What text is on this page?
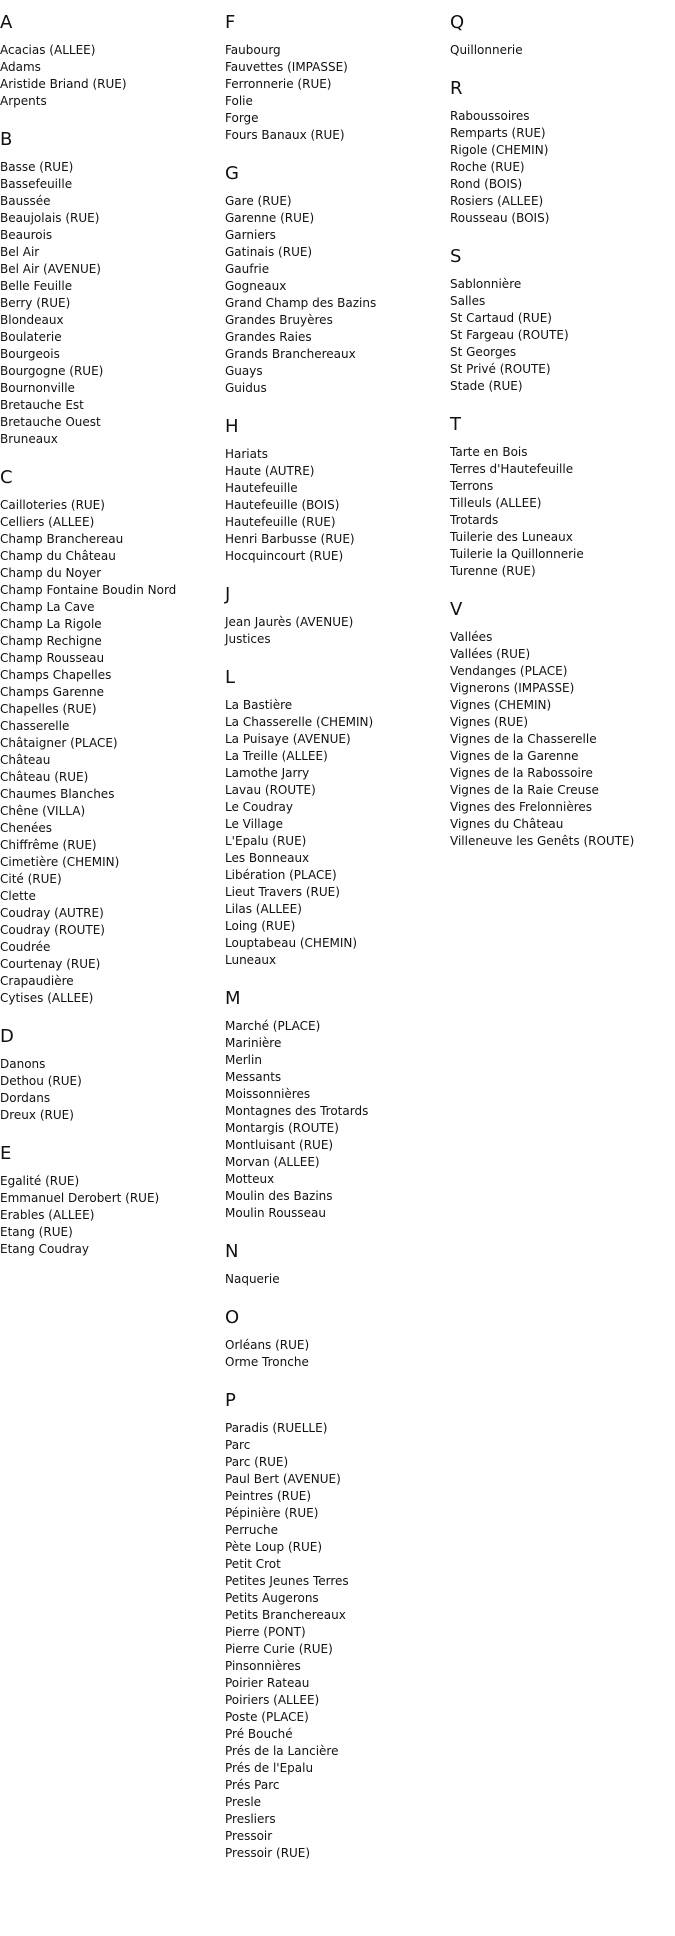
A
Acacias (ALLEE)
Adams
Aristide Briand (RUE)
Arpents
B
Basse (RUE)
Bassefeuille
Baussée
Beaujolais (RUE)
Beaurois
Bel Air
Bel Air (AVENUE)
Belle Feuille
Berry (RUE)
Blondeaux
Boulaterie
Bourgeois
Bourgogne (RUE)
Bournonville
Bretauche Est
Bretauche Ouest
Bruneaux
C
Cailloteries (RUE)
Celliers (ALLEE)
Champ Branchereau
Champ du Château
Champ du Noyer
Champ Fontaine Boudin Nord
Champ La Cave
Champ La Rigole
Champ Rechigne
Champ Rousseau
Champs Chapelles
Champs Garenne
Chapelles (RUE)
Chasserelle
Châtaigner (PLACE)
Château
Château (RUE)
Chaumes Blanches
Chêne (VILLA)
Chenées
Chiffrême (RUE)
Cimetière (CHEMIN)
Cité (RUE)
Clette
Coudray (AUTRE)
Coudray (ROUTE)
Coudrée
Courtenay (RUE)
Crapaudière
Cytises (ALLEE)
D
Danons
Dethou (RUE)
Dordans
Dreux (RUE)
E
Egalité (RUE)
Emmanuel Derobert (RUE)
Erables (ALLEE)
Etang (RUE)
Etang Coudray
F
Faubourg
Fauvettes (IMPASSE)
Ferronnerie (RUE)
Folie
Forge
Fours Banaux (RUE)
G
Gare (RUE)
Garenne (RUE)
Garniers
Gatinais (RUE)
Gaufrie
Gogneaux
Grand Champ des Bazins
Grandes Bruyères
Grandes Raies
Grands Branchereaux
Guays
Guidus
H
Hariats
Haute (AUTRE)
Hautefeuille
Hautefeuille (BOIS)
Hautefeuille (RUE)
Henri Barbusse (RUE)
Hocquincourt (RUE)
J
Jean Jaurès (AVENUE)
Justices
L
La Bastière
La Chasserelle (CHEMIN)
La Puisaye (AVENUE)
La Treille (ALLEE)
Lamothe Jarry
Lavau (ROUTE)
Le Coudray
Le Village
L'Epalu (RUE)
Les Bonneaux
Libération (PLACE)
Lieut Travers (RUE)
Lilas (ALLEE)
Loing (RUE)
Louptabeau (CHEMIN)
Luneaux
M
Marché (PLACE)
Marinière
Merlin
Messants
Moissonnières
Montagnes des Trotards
Montargis (ROUTE)
Montluisant (RUE)
Morvan (ALLEE)
Motteux
Moulin des Bazins
Moulin Rousseau
N
Naquerie
O
Orléans (RUE)
Orme Tronche
P
Paradis (RUELLE)
Parc
Parc (RUE)
Paul Bert (AVENUE)
Peintres (RUE)
Pépinière (RUE)
Perruche
Pète Loup (RUE)
Petit Crot
Petites Jeunes Terres
Petits Augerons
Petits Branchereaux
Pierre (PONT)
Pierre Curie (RUE)
Pinsonnières
Poirier Rateau
Poiriers (ALLEE)
Poste (PLACE)
Pré Bouché
Prés de la Lancière
Prés de l'Epalu
Prés Parc
Presle
Presliers
Pressoir
Pressoir (RUE)
Q
Quillonnerie
R
Raboussoires
Remparts (RUE)
Rigole (CHEMIN)
Roche (RUE)
Rond (BOIS)
Rosiers (ALLEE)
Rousseau (BOIS)
S
Sablonnière
Salles
St Cartaud (RUE)
St Fargeau (ROUTE)
St Georges
St Privé (ROUTE)
Stade (RUE)
T
Tarte en Bois
Terres d'Hautefeuille
Terrons
Tilleuls (ALLEE)
Trotards
Tuilerie des Luneaux
Tuilerie la Quillonnerie
Turenne (RUE)
V
Vallées
Vallées (RUE)
Vendanges (PLACE)
Vignerons (IMPASSE)
Vignes (CHEMIN)
Vignes (RUE)
Vignes de la Chasserelle
Vignes de la Garenne
Vignes de la Rabossoire
Vignes de la Raie Creuse
Vignes des Frelonnières
Vignes du Château
Villeneuve les Genêts (ROUTE)
